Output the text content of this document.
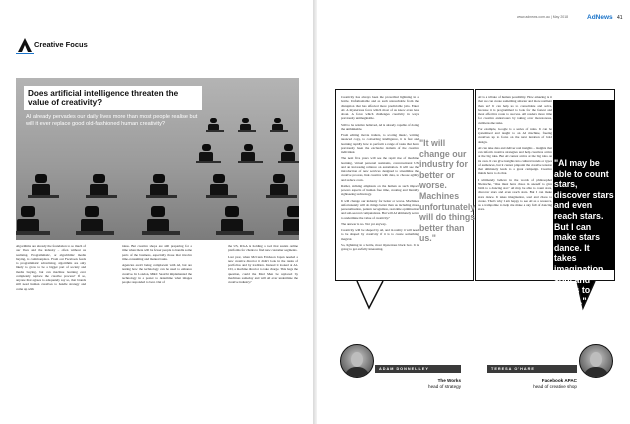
Creative Focus
Does artificial intelligence threaten the value of creativity?
AI already pervades our daily lives more than most people realise but will it ever replace good old-fashioned human creativity?

Algorithms are already the foundation to so much of our lives and the industry – often without us realising. Programmatic, or algorithmic media buying, is commonplace. From our Facebook feeds to programmatic advertising, algorithms are only likely to grow to be a bigger part of society and media buying, but can machine learning ever completely replace the creative process? If so, anyone that agrees to adequately say so, that brands still need human creatives to handle strategy and come up with

ideas. But creative shops are still preparing for a time when there will be fewer people to handle some parts of the business, especially those that involve time-consuming and manual tasks.

Agencies aren't being complacent with AI, but are testing how the technology can be used to enhance creative. In London, M&C Saatchi implemented the technology in a poster to determine what images people responded to best. Out of

the US, R/GA is holding a tool that assists online platforms for clients to find new customer segments.

Last year, when McCann Erickson Japan needed a new creative director it didn't look in the ranks of portfolios and by tradition. Instead it looked at AI-CD, a machine director to take charge. This begs the question, could the Mad Men be replaced by machines someday and will AI ever undermine the creative industry?

www.adnews.com.au | May 2018	AdNews 41

Creativity has always been the proverbial lightning in a bottle. Unfathomable and as such untouchable from the disruption that has affected more predictable jobs. Enter AI. A mysterious force which most of us know even less about. A force which challenges creativity in ways previously unimaginable.

Still to be relative believed, AI is already capable of doing the unthinkable.

From editing movie trailers, to scoring music, writing nuanced copy, to converting intelligence, it is fast and learning rapidly how to perform a range of tasks that have previously been the exclusive domain of the creative individual.

The next five years will see the rapid rise of machine learning, virtual personal assistants, conversational UX and an increasing reliance on automation. It will see the introduction of new services designed to streamline the creative process, link creative with data, to choose agility and reduce costs.

Rather, striking emphasis on the human as such impact powers aspects of human free time, creating and literally sightseeing technology.

It will change our industry for better or worse. Machines unfortunately will do things better than us including mass personalisation, pattern recognition, real-time optimisation and sub-second computations. But will AI ultimately serve to undermine the value of creativity?

The answer is no. Not yet anyway.

Creativity will be shaped by AI, and in reality it will need to be shaped by creativity if it is to create something magical.

So, lightning in a bottle, most mysterious black box. It is going to get awfully interesting.

"It will change our industry for better or worse. Machines unfortunately will do things better than us."

AI is a tribute of human possibility. How amazing is it that we can create something smarter and more resilient than us? It can help us to consolidate and solve, because it is programmed to look for the fastest and most effective route to success. All readers more time for creative endeavours by taking over monotonous, cumbersome tasks.

For example, Google is a series of rules. It can be systemised and taught to an AI machine, freeing creatives up to focus on the next iteration of bold design.

AI can take data and deliver real insights – insights that can inform creative strategies and help creatives arrive at the big idea. But AI cannot arrive at the big idea on its own. It can give insights into cultural trends or types of audiences, but it cannot pinpoint the creative tension that ultimately leads to a great campaign. Creative minds have to do that.

I ultimately believe in the words of philosopher Nietzsche, "One must have chaos in oneself to give birth to a dancing star." AI may be able to count stars, discover stars and even reach stars. But I can make stars dance. It takes imagination, soul and chaos to create. That's why I am happy to see AI as a resource, as a trampoline to help me make a sky full of dancing stars.

"AI may be able to count stars, discover stars and even reach stars. But I can make stars dance. It takes imagination, soul and chaos to create."
ADAM DONNELLEY
The Works
head of strategy
TERESA O'HARE
Facebook APAC
head of creative shop
